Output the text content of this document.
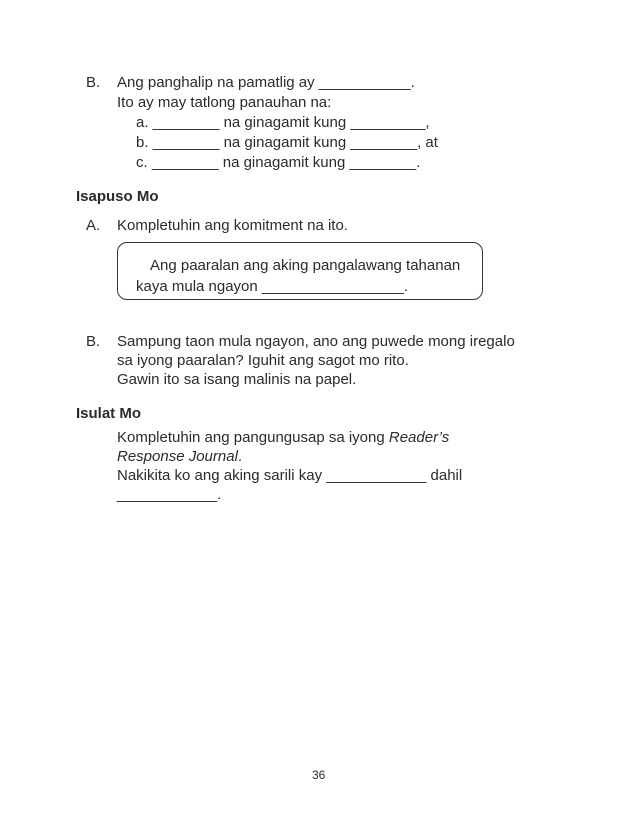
B. Ang panghalip na pamatlig ay ___________.
Ito ay may tatlong panauhan na:
a. ________ na ginagamit kung _________,
b. ________ na ginagamit kung ________, at
c. ________ na ginagamit kung ________.
Isapuso Mo
A. Kompletuhin ang komitment na ito.
Ang paaralan ang aking pangalawang tahanan
kaya mula ngayon _________________.
B. Sampung taon mula ngayon, ano ang puwede mong iregalo
sa iyong paaralan? Iguhit ang sagot mo rito.
Gawin ito sa isang malinis na papel.
Isulat Mo
Kompletuhin ang pangungusap sa iyong Reader’s
Response Journal.
Nakikita ko ang aking sarili kay ____________ dahil
____________.
36
